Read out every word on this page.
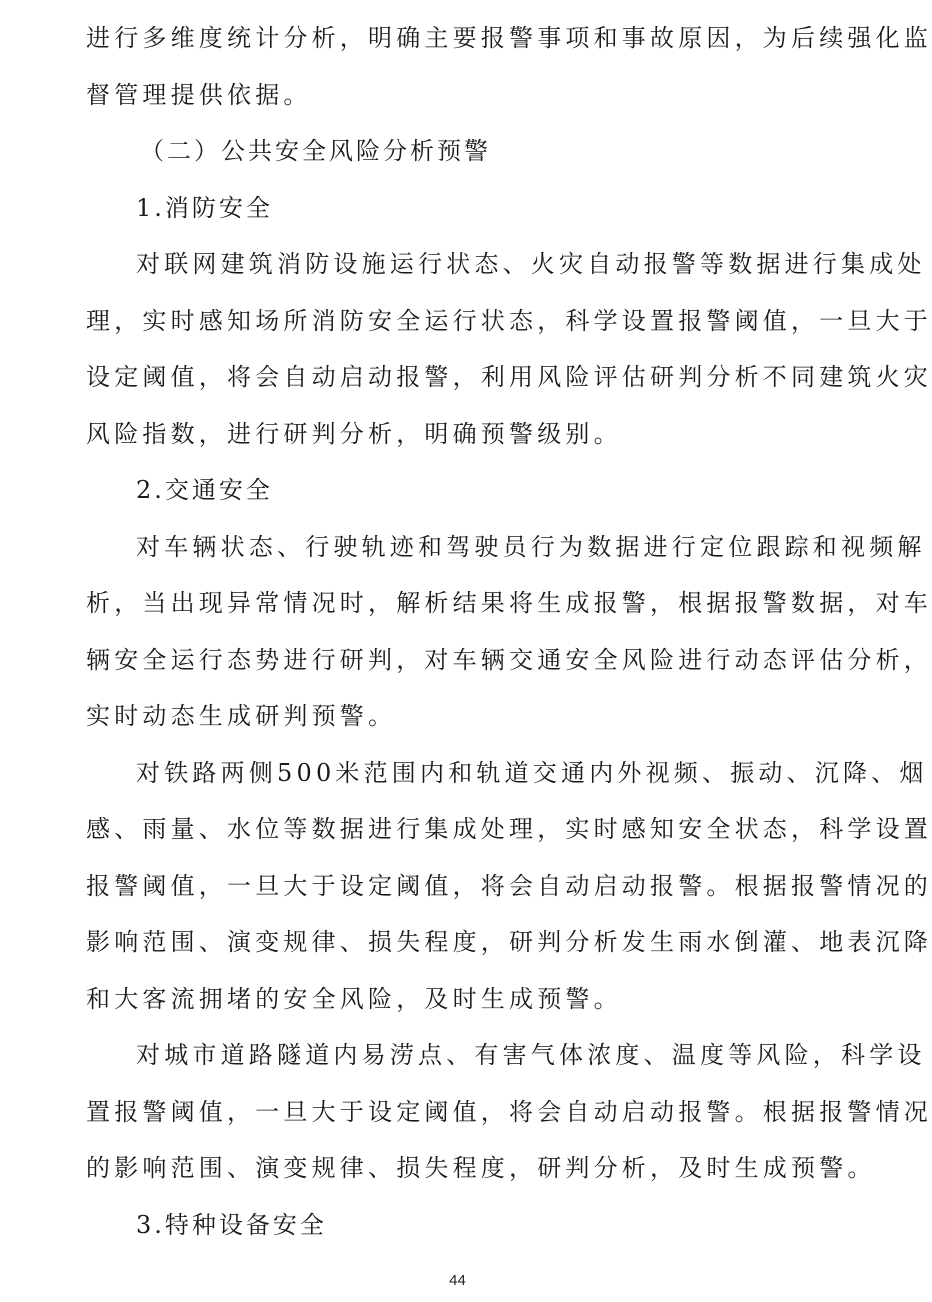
进行多维度统计分析，明确主要报警事项和事故原因，为后续强化监
督管理提供依据。

（二）公共安全风险分析预警

1.消防安全

对联网建筑消防设施运行状态、火灾自动报警等数据进行集成处
理，实时感知场所消防安全运行状态，科学设置报警阈值，一旦大于
设定阈值，将会自动启动报警，利用风险评估研判分析不同建筑火灾
风险指数，进行研判分析，明确预警级别。

2.交通安全

对车辆状态、行驶轨迹和驾驶员行为数据进行定位跟踪和视频解
析，当出现异常情况时，解析结果将生成报警，根据报警数据，对车
辆安全运行态势进行研判，对车辆交通安全风险进行动态评估分析，
实时动态生成研判预警。

对铁路两侧500米范围内和轨道交通内外视频、振动、沉降、烟
感、雨量、水位等数据进行集成处理，实时感知安全状态，科学设置
报警阈值，一旦大于设定阈值，将会自动启动报警。根据报警情况的
影响范围、演变规律、损失程度，研判分析发生雨水倒灌、地表沉降
和大客流拥堵的安全风险，及时生成预警。

对城市道路隧道内易涝点、有害气体浓度、温度等风险，科学设
置报警阈值，一旦大于设定阈值，将会自动启动报警。根据报警情况
的影响范围、演变规律、损失程度，研判分析，及时生成预警。

3.特种设备安全

44
